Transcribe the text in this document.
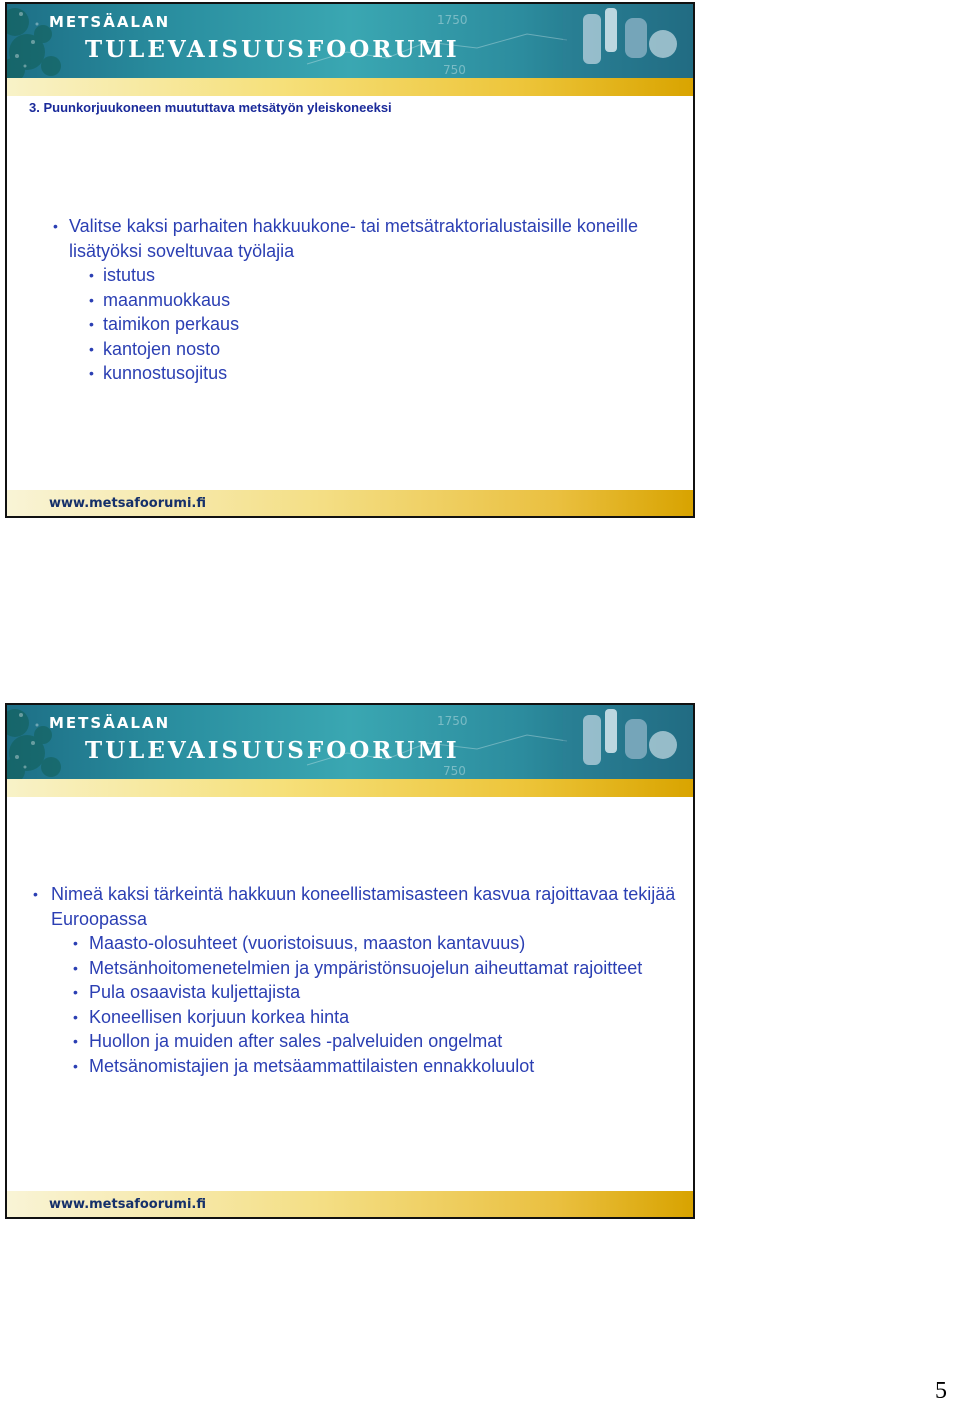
1750
750
METSÄALAN
TULEVAISUUSFOORUMI
3. Puunkorjuukoneen muututtava metsätyön yleiskoneeksi
• Valitse kaksi parhaiten hakkuukone- tai metsätraktorialustaisille koneille lisätyöksi soveltuvaa työlajia
• istutus
• maanmuokkaus
• taimikon perkaus
• kantojen nosto
• kunnostusojitus
www.metsafoorumi.fi
1750
750
METSÄALAN
TULEVAISUUSFOORUMI
• Nimeä kaksi tärkeintä hakkuun koneellistamisasteen kasvua rajoittavaa tekijää Euroopassa
• Maasto-olosuhteet (vuoristoisuus, maaston kantavuus)
• Metsänhoitomenetelmien ja ympäristönsuojelun aiheuttamat rajoitteet
• Pula osaavista kuljettajista
• Koneellisen korjuun korkea hinta
• Huollon ja muiden after sales -palveluiden ongelmat
• Metsänomistajien ja metsäammattilaisten ennakkoluulot
www.metsafoorumi.fi
5
